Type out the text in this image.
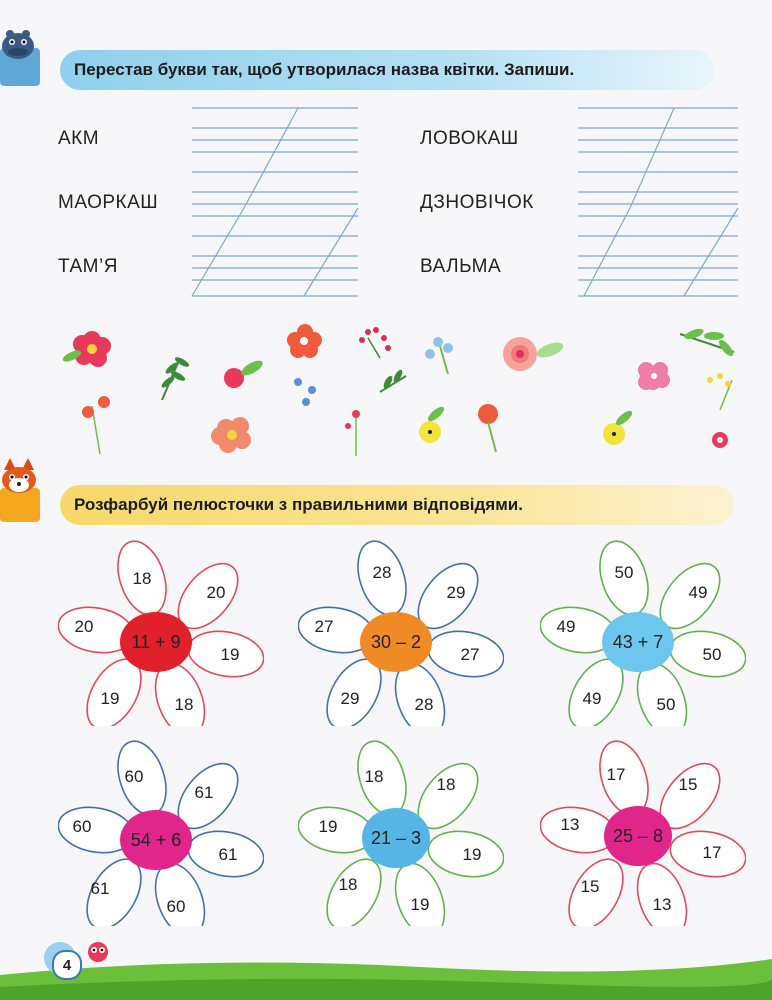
Перестав букви так, щоб утворилася назва квітки. Запиши.
АКМ
МАОРКАШ
ТАМ’Я
ЛОВОКАШ
ДЗНОВІЧОК
ВАЛЬМА
Розфарбуй пелюсточки з правильними відповідями.
18
20
19
18
19
20
11 + 9
28
29
27
28
29
27
30 – 2
50
49
50
50
49
49
43 + 7
60
61
61
60
61
60
54 + 6
18	18
19
19
18
19
21 – 3
17
15
17
13
15
13
25 – 8
4
